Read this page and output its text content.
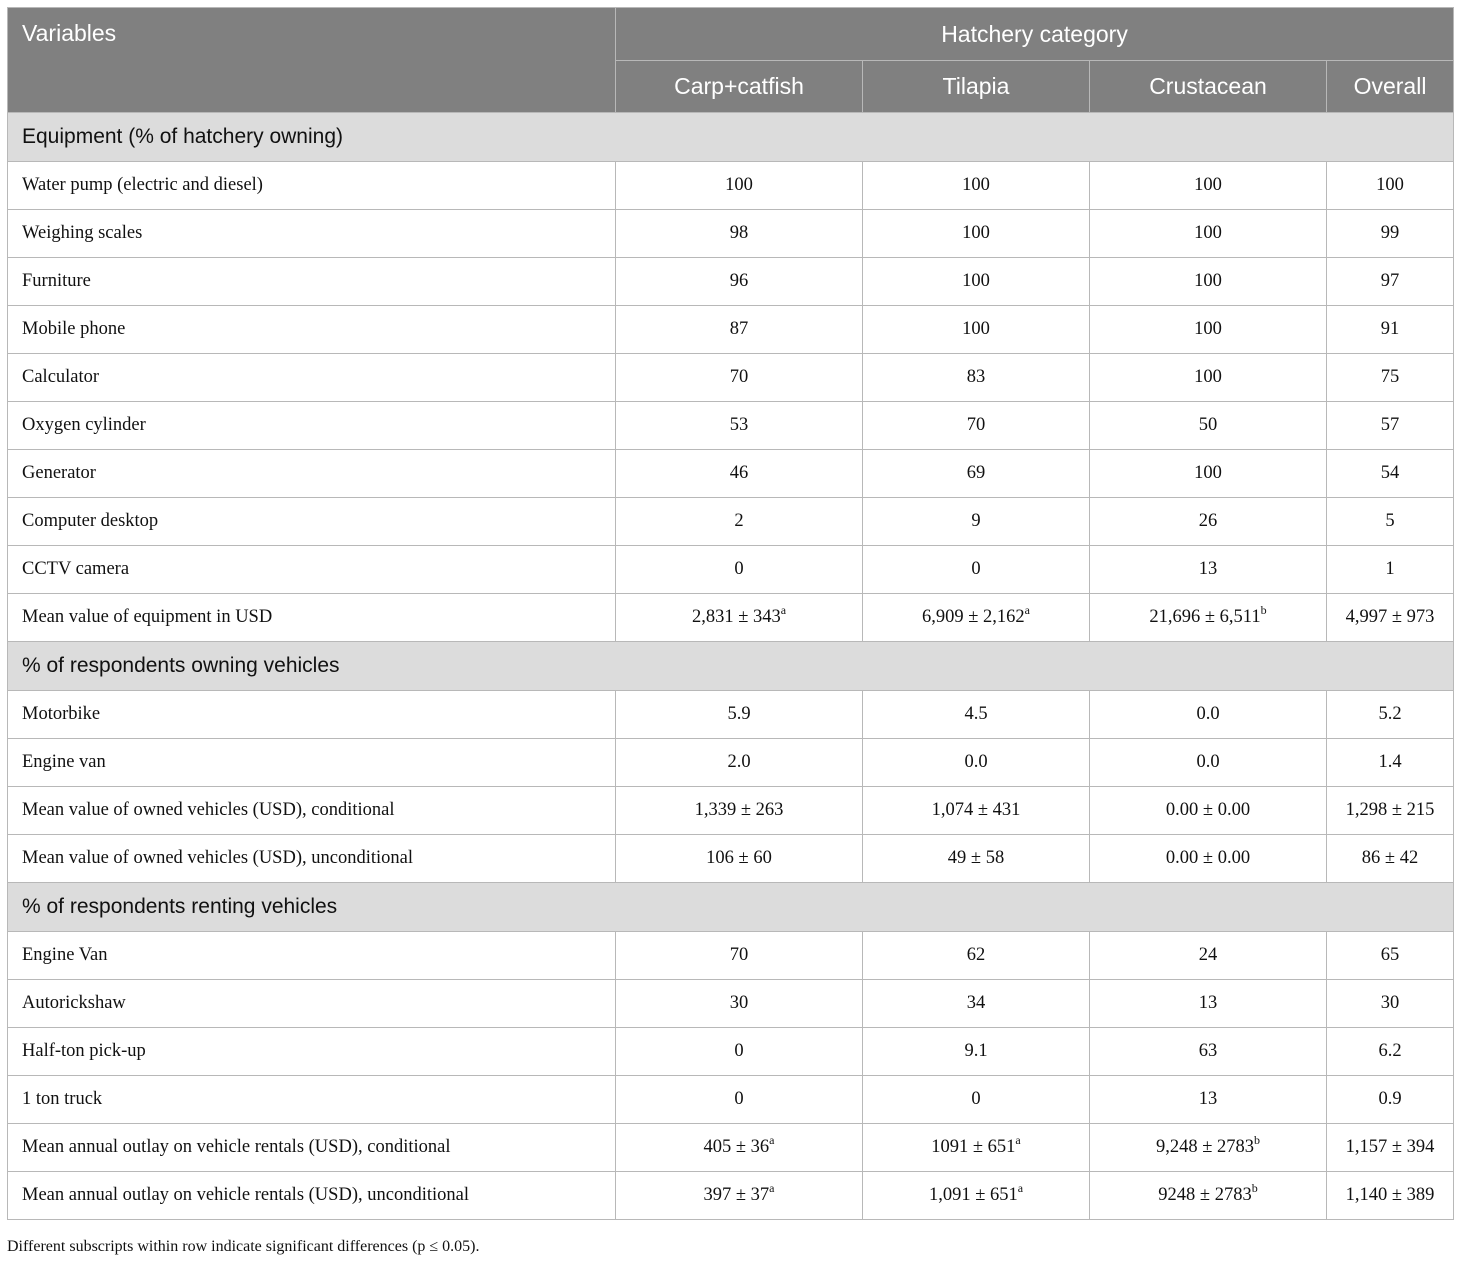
Variables	Hatchery category			
	Carp+catfish	Tilapia	Crustacean	Overall
Equipment (% of hatchery owning)				
Water pump (electric and diesel)	100	100	100	100
Weighing scales	98	100	100	99
Furniture	96	100	100	97
Mobile phone	87	100	100	91
Calculator	70	83	100	75
Oxygen cylinder	53	70	50	57
Generator	46	69	100	54
Computer desktop	2	9	26	5
CCTV camera	0	0	13	1
Mean value of equipment in USD	$2,831 \pm 343^a$	6,909 ± 2,162$^a$	21,696 ± 6,511$^b$	4,997 ± 973
% of respondents owning vehicles				
Motorbike	5.9	4.5	0.0	5.2
Engine van	2.0	0.0	0.0	1.4
Mean value of owned vehicles (USD), conditional	1,339 ± 263	1,074 ± 431	0.00 ± 0.00	1,298 ± 215
Mean value of owned vehicles (USD), unconditional	106 ± 60	49 ± 58	0.00 ± 0.00	86 ± 42
% of respondents renting vehicles				
Engine Van	70	62	24	65
Autorickshaw	30	34	13	30
Half-ton pick-up	0	9.1	63	6.2
1 ton truck	0	0	13	0.9
Mean annual outlay on vehicle rentals (USD), conditional	$405 \pm 36^a$	$1091 \pm 651^a$	$9,248 \pm 2783^b$	1,157 ± 394
Mean annual outlay on vehicle rentals (USD), unconditional	$397 \pm 37^a$	$1,091 \pm 651^a$	$9248 \pm 2783^b$	1,140 ± 389
Different subscripts within row indicate significant differences (p ≤ 0.05).
